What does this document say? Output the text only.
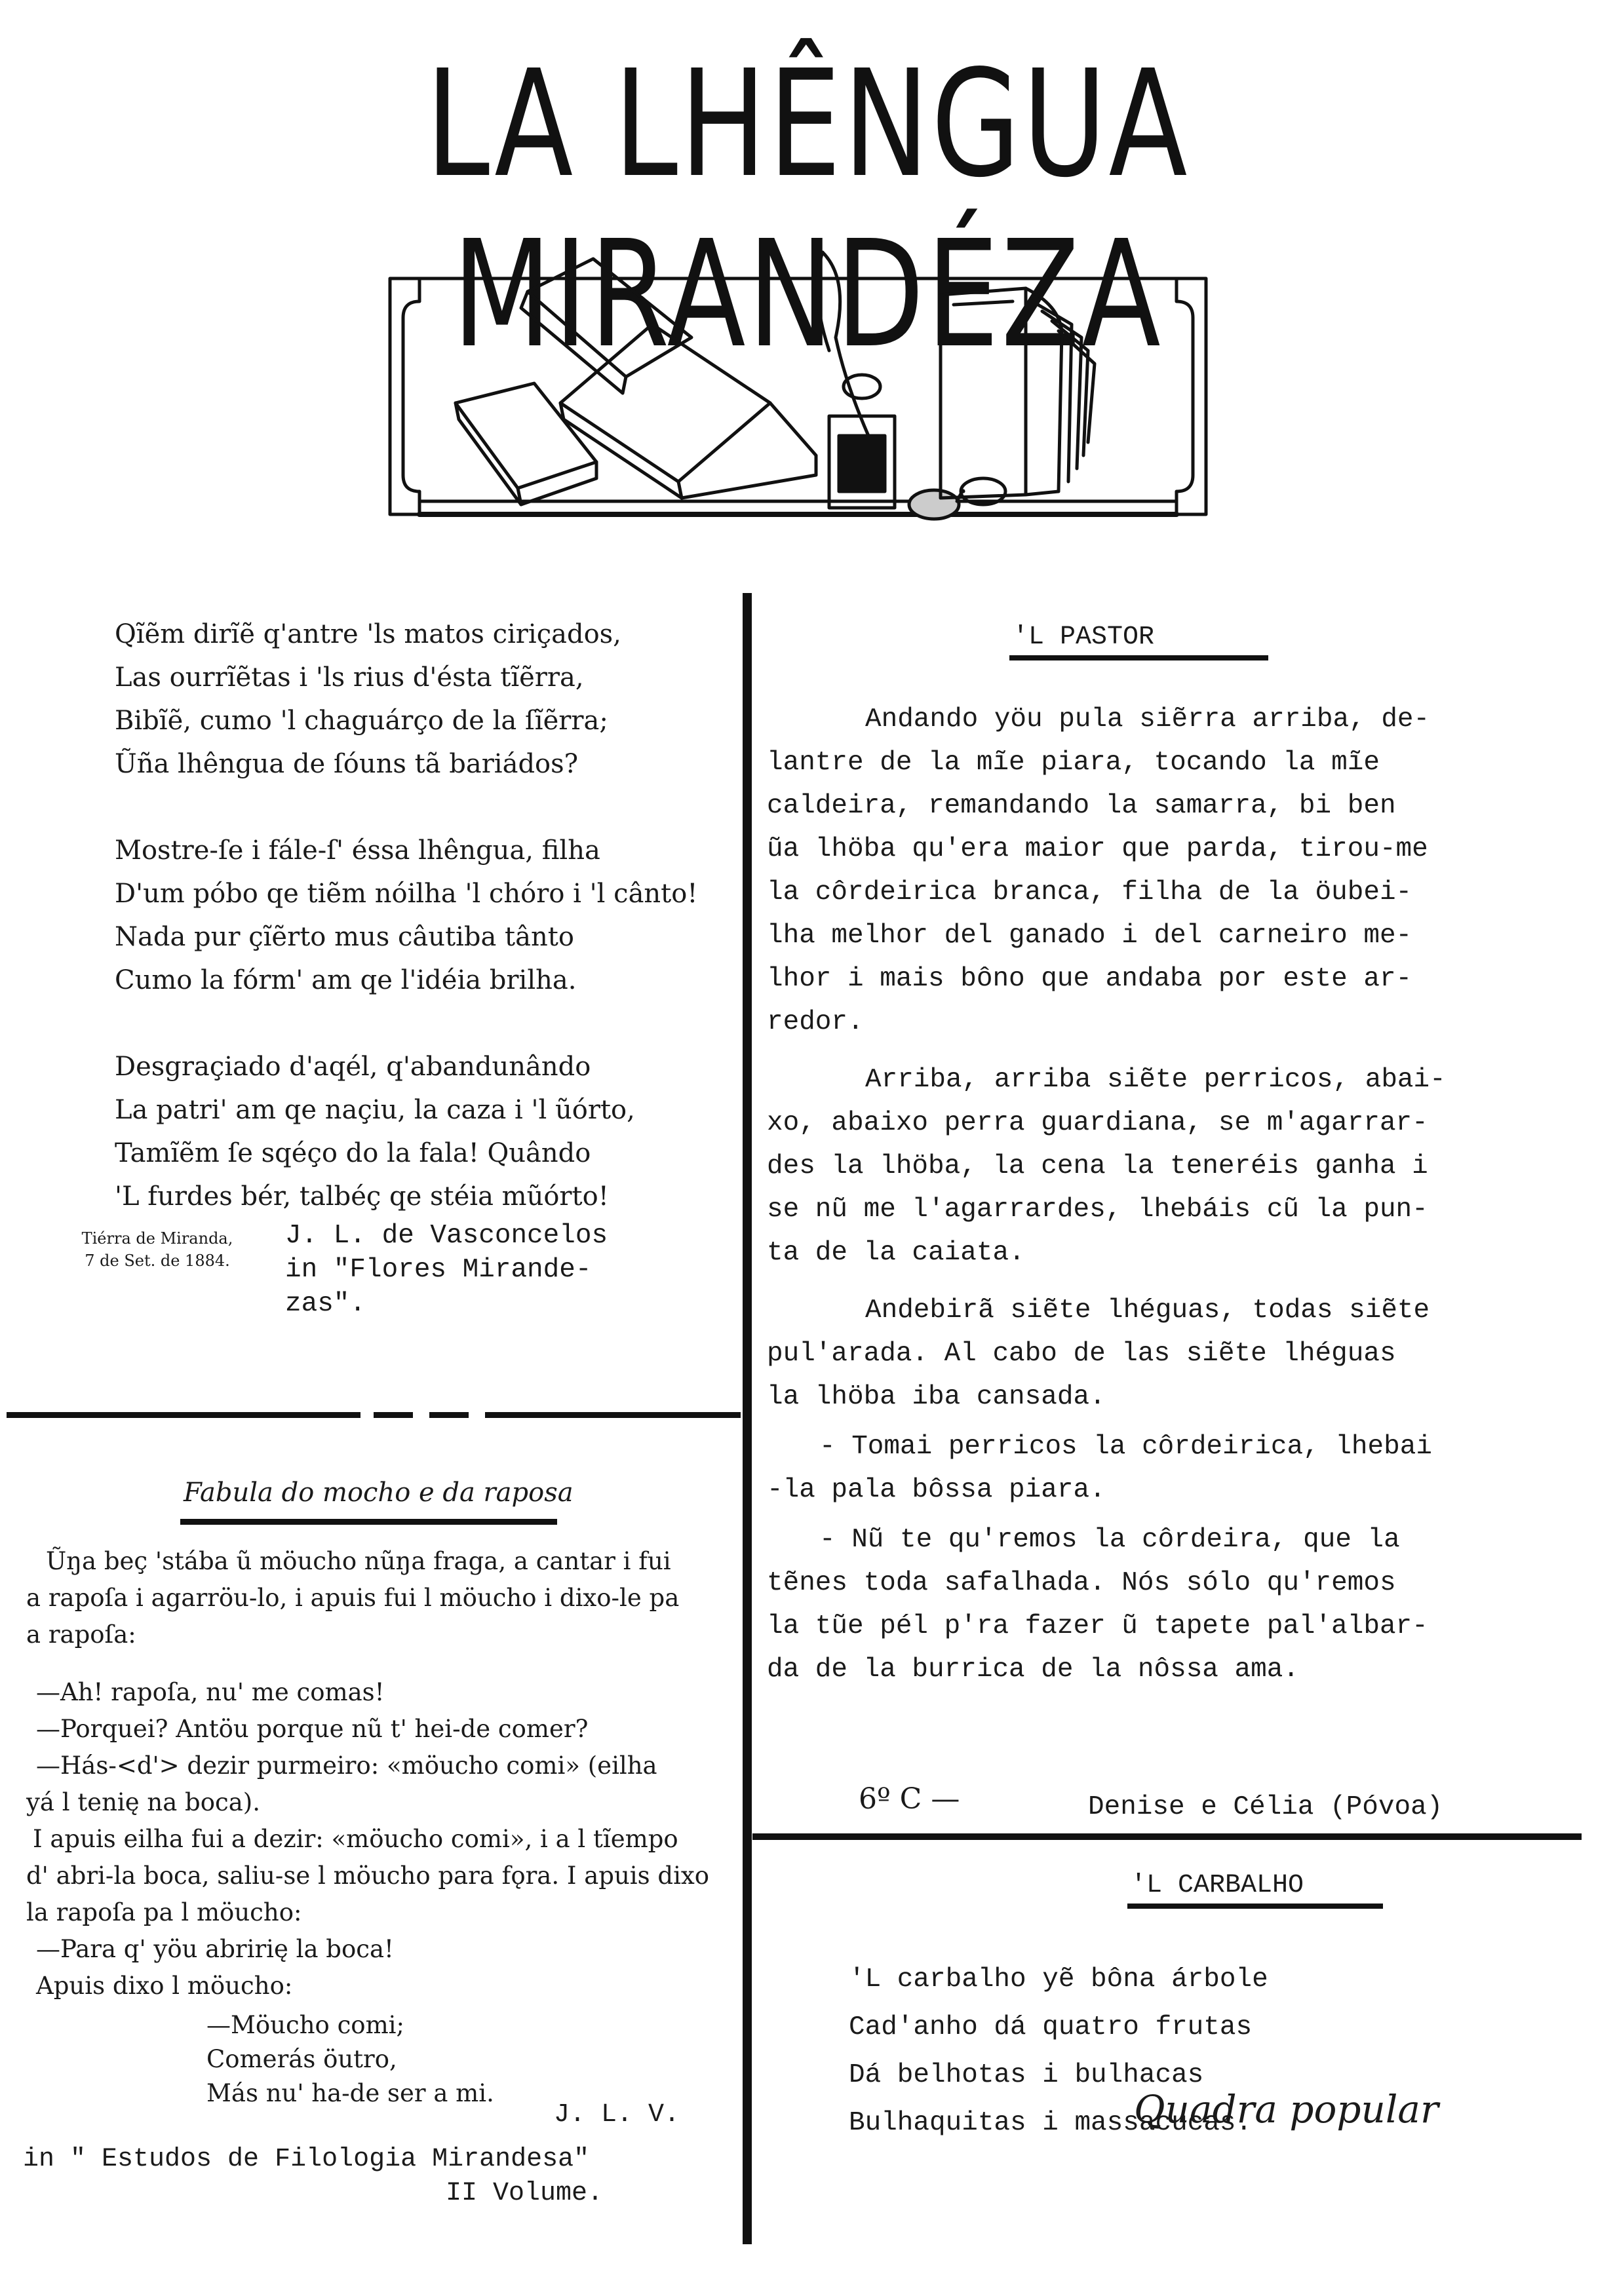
LA LHÊNGUA MIRANDÉZA
Qĩẽm dirĩẽ q'antre 'ls matos ciriçados,
Las ourrĩẽtas i 'ls rius d'ésta tĩẽrra,
Bibĩẽ, cumo 'l chaguárço de la ſĩẽrra;
Ũña lhêngua de ſóuns tã bariádos?
Mostre-ſe i fále-ſ' éssa lhêngua, filha
D'um póbo qe tiẽm nóilha 'l chóro i 'l cânto!
Nada pur çĩẽrto mus câutiba tânto
Cumo la fórm' am qe l'idéia brilha.
Desgraçiado d'aqél, q'abandunândo
La patri' am qe naçiu, la caza i 'l ũórto,
Tamĩẽm ſe sqéço do la fala! Quândo
'L furdes bér, talbéç qe stéia mũórto!
Tiérra de Miranda,
7 de Set. de 1884.
J. L. de Vasconcelos
in "Flores Mirande-
zas".
Fabula do mocho e da raposa
Ũŋa beç 'stába ũ möucho nũŋa fraga, a cantar i fui
a rapoſa i agarröu-lo, i apuis fui l möucho i dixo-le pa
a rapoſa:
—Ah! rapoſa, nu' me comas!
—Porquei? Antöu porque nũ t' hei-de comer?
—Hás-<d'> dezir purmeiro: «möucho comi» (eilha
yá l tenię na boca).
I apuis eilha fui a dezir: «möucho comi», i a l tĩempo
d' abri-la boca, saliu-se l möucho para fǫra. I apuis dixo
la rapoſa pa l möucho:
—Para q' yöu abririę la boca!
Apuis dixo l möucho:
—Möucho comi;
Comerás öutro,
Más nu' ha-de ser a mi.
J. L. V.
in " Estudos de Filologia Mirandesa"
II Volume.
'L PASTOR

Andando yöu pula siẽrra arriba, de-
lantre de la mĩe piara, tocando la mĩe
caldeira, remandando la samarra, bi ben
ũa lhöba qu'era maior que parda, tirou-me
la côrdeirica branca, filha de la öubei-
lha melhor del ganado i del carneiro me-
lhor i mais bôno que andaba por este ar-
redor.

Arriba, arriba siẽte perricos, abai-
xo, abaixo perra guardiana, se m'agarrar-
des la lhöba, la cena la teneréis ganha i
se nũ me l'agarrardes, lhebáis cũ la pun-
ta de la caiata.

Andebirã siẽte lhéguas, todas siẽte
pul'arada. Al cabo de las siẽte lhéguas
la lhöba iba cansada.

- Tomai perricos la côrdeirica, lhebai
-la pala bôssa piara.

- Nũ te qu'remos la côrdeira, que la
tẽnes toda safalhada. Nós sólo qu'remos
la tũe pél p'ra fazer ũ tapete pal'albar-
da de la burrica de la nôssa ama.

6º C —	Denise e Célia (Póvoa)
'L CARBALHO
'L carbalho yẽ bôna árbole
Cad'anho dá quatro frutas
Dá belhotas i bulhacas
Bulhaquitas i massacucas.
Quadra popular
